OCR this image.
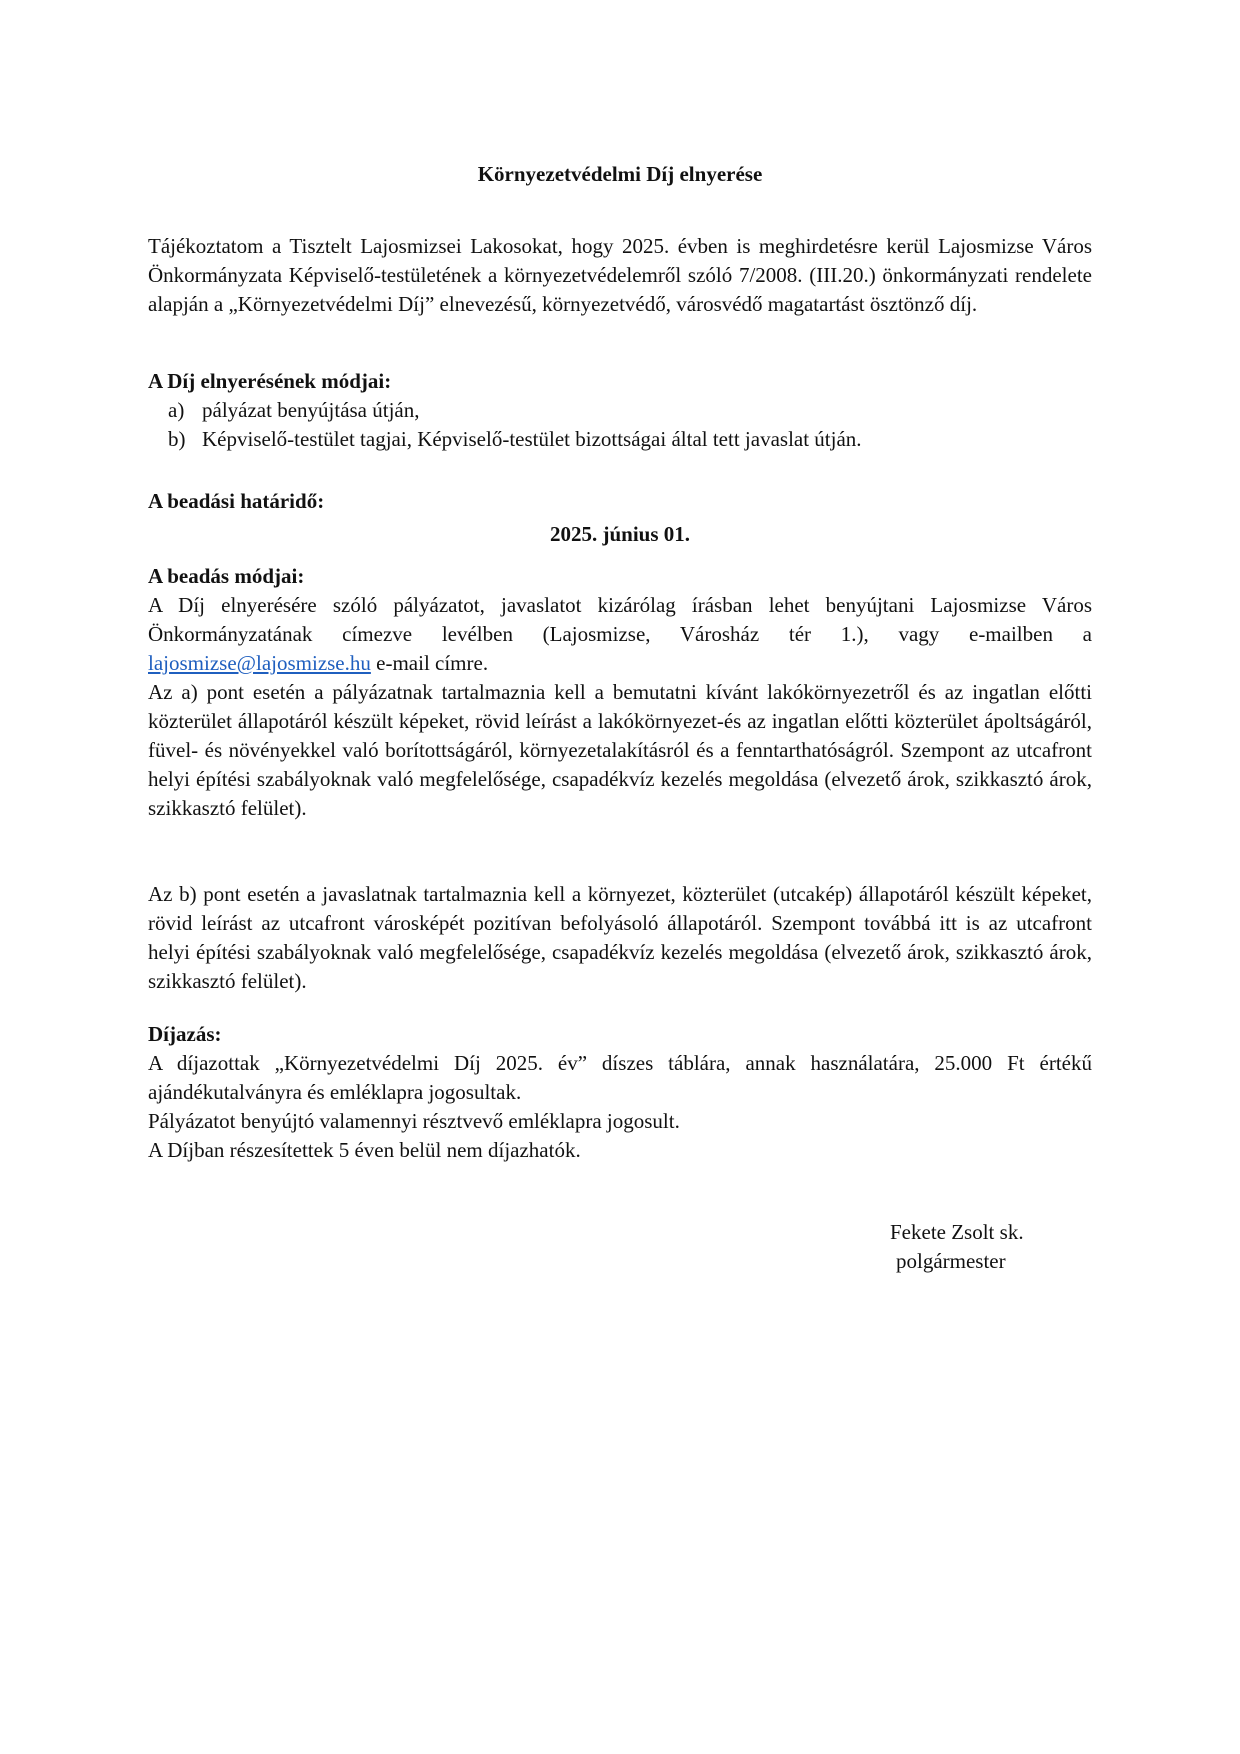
Környezetvédelmi Díj elnyerése

Tájékoztatom a Tisztelt Lajosmizsei Lakosokat, hogy 2025. évben is meghirdetésre kerül Lajosmizse Város Önkormányzata Képviselő-testületének a környezetvédelemről szóló 7/2008. (III.20.) önkormányzati rendelete alapján a „Környezetvédelmi Díj” elnevezésű, környezetvédő, városvédő magatartást ösztönző díj.

A Díj elnyerésének módjai:

a) pályázat benyújtása útján,
b) Képviselő-testület tagjai, Képviselő-testület bizottságai által tett javaslat útján.

A beadási határidő:

2025. június 01.

A beadás módjai:

A Díj elnyerésére szóló pályázatot, javaslatot kizárólag írásban lehet benyújtani Lajosmizse Város Önkormányzatának címezve levélben (Lajosmizse, Városház tér 1.), vagy e-mailben a lajosmizse@lajosmizse.hu e-mail címre.

Az a) pont esetén a pályázatnak tartalmaznia kell a bemutatni kívánt lakókörnyezetről és az ingatlan előtti közterület állapotáról készült képeket, rövid leírást a lakókörnyezet-és az ingatlan előtti közterület ápoltságáról, füvel- és növényekkel való borítottságáról, környezetalakításról és a fenntarthatóságról. Szempont az utcafront helyi építési szabályoknak való megfelelősége, csapadékvíz kezelés megoldása (elvezető árok, szikkasztó árok, szikkasztó felület).

Az b) pont esetén a javaslatnak tartalmaznia kell a környezet, közterület (utcakép) állapotáról készült képeket, rövid leírást az utcafront városképét pozitívan befolyásoló állapotáról. Szempont továbbá itt is az utcafront helyi építési szabályoknak való megfelelősége, csapadékvíz kezelés megoldása (elvezető árok, szikkasztó árok, szikkasztó felület).

Díjazás:

A díjazottak „Környezetvédelmi Díj 2025. év” díszes táblára, annak használatára, 25.000 Ft értékű ajándékutalványra és emléklapra jogosultak.

Pályázatot benyújtó valamennyi résztvevő emléklapra jogosult.

A Díjban részesítettek 5 éven belül nem díjazhatók.

Fekete Zsolt sk.
polgármester
